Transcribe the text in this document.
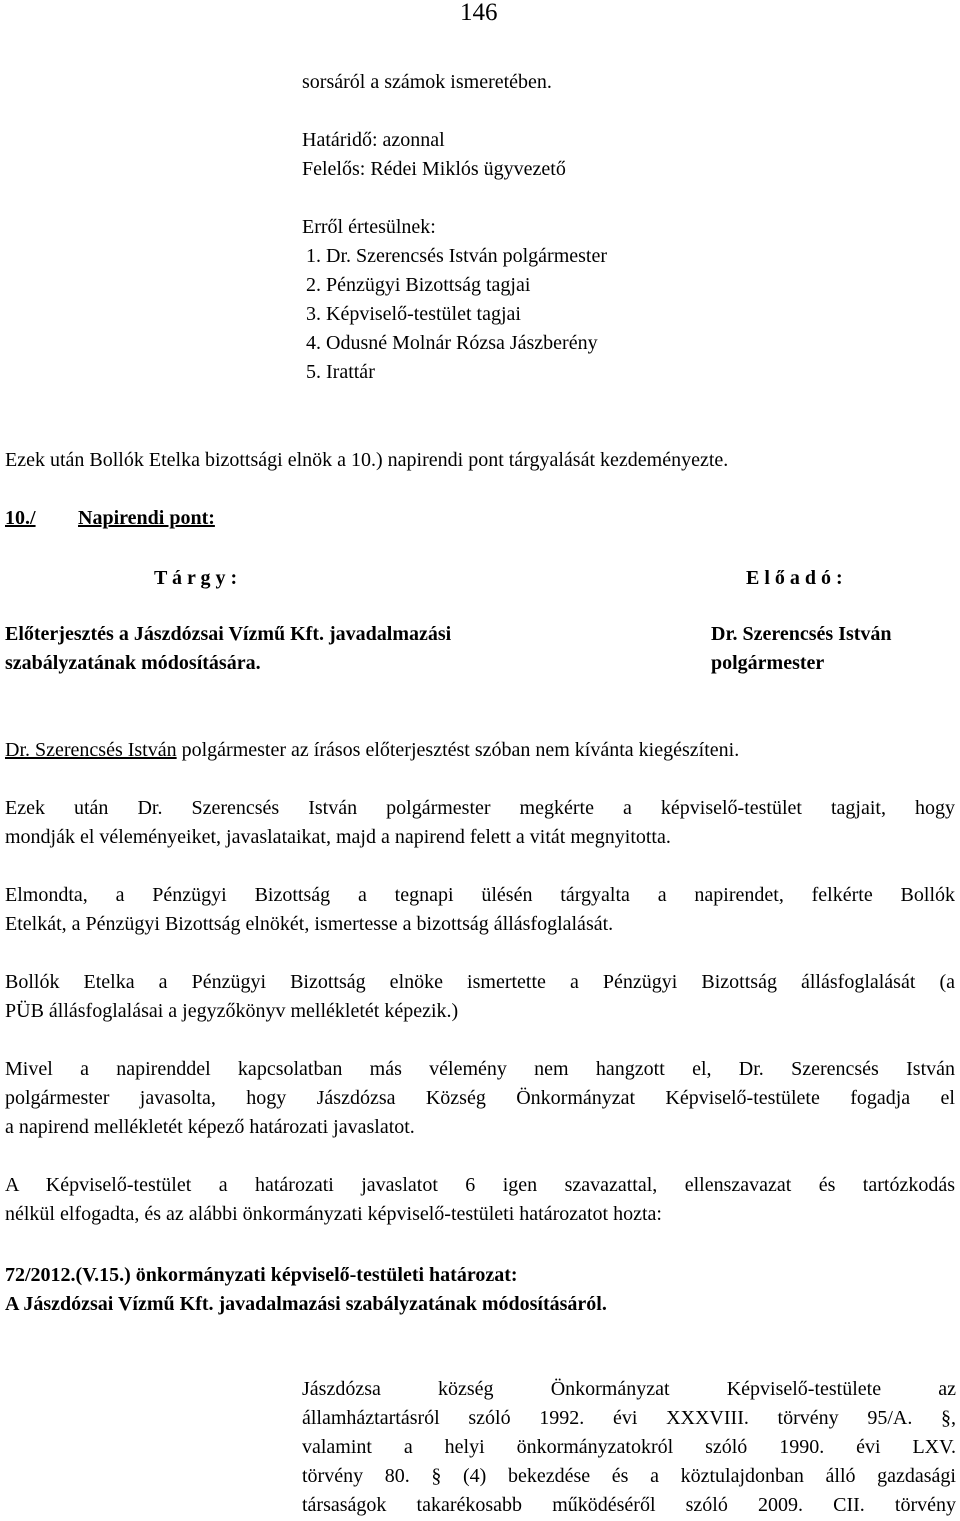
146
sorsáról a számok ismeretében.
Határidő: azonnal
Felelős: Rédei Miklós ügyvezető
Erről értesülnek:
1. Dr. Szerencsés István polgármester
2. Pénzügyi Bizottság tagjai
3. Képviselő-testület tagjai
4. Odusné Molnár Rózsa Jászberény
5. Irattár
Ezek után Bollók Etelka bizottsági elnök a 10.) napirendi pont tárgyalását kezdeményezte.
10./ Napirendi pont:
T á r g y :	E l ő a d ó :
Előterjesztés a Jászdózsai Vízmű Kft. javadalmazási
szabályzatának módosítására.
Dr. Szerencsés István
polgármester
Dr. Szerencsés István polgármester az írásos előterjesztést szóban nem kívánta kiegészíteni.
Ezek után Dr. Szerencsés István polgármester megkérte a képviselő-testület tagjait, hogy
mondják el véleményeiket, javaslataikat, majd a napirend felett a vitát megnyitotta.
Elmondta, a Pénzügyi Bizottság a tegnapi ülésén tárgyalta a napirendet, felkérte Bollók
Etelkát, a Pénzügyi Bizottság elnökét, ismertesse a bizottság állásfoglalását.
Bollók Etelka a Pénzügyi Bizottság elnöke ismertette a Pénzügyi Bizottság állásfoglalását (a
PÜB állásfoglalásai a jegyzőkönyv mellékletét képezik.)
Mivel a napirenddel kapcsolatban más vélemény nem hangzott el, Dr. Szerencsés István
polgármester javasolta, hogy Jászdózsa Község Önkormányzat Képviselő-testülete fogadja el
a napirend mellékletét képező határozati javaslatot.
A Képviselő-testület a határozati javaslatot 6 igen szavazattal, ellenszavazat és tartózkodás
nélkül elfogadta, és az alábbi önkormányzati képviselő-testületi határozatot hozta:
72/2012.(V.15.) önkormányzati képviselő-testületi határozat:
A Jászdózsai Vízmű Kft. javadalmazási szabályzatának módosításáról.
Jászdózsa község Önkormányzat Képviselő-testülete az
államháztartásról szóló 1992. évi XXXVIII. törvény 95/A. §,
valamint a helyi önkormányzatokról szóló 1990. évi LXV.
törvény 80. § (4) bekezdése és a köztulajdonban álló gazdasági
társaságok takarékosabb működéséről szóló 2009. CII. törvény
